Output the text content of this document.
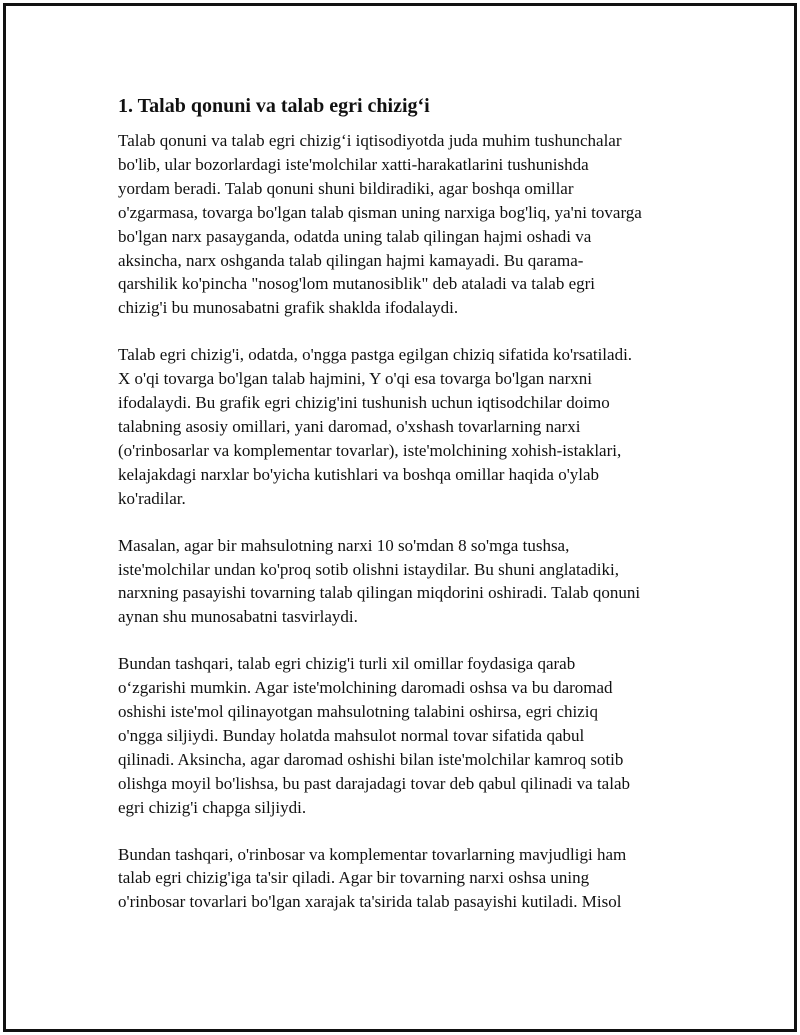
1. Talab qonuni va talab egri chizig‘i
Talab qonuni va talab egri chizig‘i iqtisodiyotda juda muhim tushunchalar
bo'lib, ular bozorlardagi iste'molchilar xatti-harakatlarini tushunishda
yordam beradi. Talab qonuni shuni bildiradiki, agar boshqa omillar
o'zgarmasa, tovarga bo'lgan talab qisman uning narxiga bog'liq, ya'ni tovarga
bo'lgan narx pasayganda, odatda uning talab qilingan hajmi oshadi va
aksincha, narx oshganda talab qilingan hajmi kamayadi. Bu qarama-
qarshilik ko'pincha "nosog'lom mutanosiblik" deb ataladi va talab egri
chizig'i bu munosabatni grafik shaklda ifodalaydi.
Talab egri chizig'i, odatda, o'ngga pastga egilgan chiziq sifatida ko'rsatiladi.
X o'qi tovarga bo'lgan talab hajmini, Y o'qi esa tovarga bo'lgan narxni
ifodalaydi. Bu grafik egri chizig'ini tushunish uchun iqtisodchilar doimo
talabning asosiy omillari, yani daromad, o'xshash tovarlarning narxi
(o'rinbosarlar va komplementar tovarlar), iste'molchining xohish-istaklari,
kelajakdagi narxlar bo'yicha kutishlari va boshqa omillar haqida o'ylab
ko'radilar.
Masalan, agar bir mahsulotning narxi 10 so'mdan 8 so'mga tushsa,
iste'molchilar undan ko'proq sotib olishni istaydilar. Bu shuni anglatadiki,
narxning pasayishi tovarning talab qilingan miqdorini oshiradi. Talab qonuni
aynan shu munosabatni tasvirlaydi.
Bundan tashqari, talab egri chizig'i turli xil omillar foydasiga qarab
o‘zgarishi mumkin. Agar iste'molchining daromadi oshsa va bu daromad
oshishi iste'mol qilinayotgan mahsulotning talabini oshirsa, egri chiziq
o'ngga siljiydi. Bunday holatda mahsulot normal tovar sifatida qabul
qilinadi. Aksincha, agar daromad oshishi bilan iste'molchilar kamroq sotib
olishga moyil bo'lishsa, bu past darajadagi tovar deb qabul qilinadi va talab
egri chizig'i chapga siljiydi.
Bundan tashqari, o'rinbosar va komplementar tovarlarning mavjudligi ham
talab egri chizig'iga ta'sir qiladi. Agar bir tovarning narxi oshsa uning
o'rinbosar tovarlari bo'lgan xarajak ta'sirida talab pasayishi kutiladi. Misol
